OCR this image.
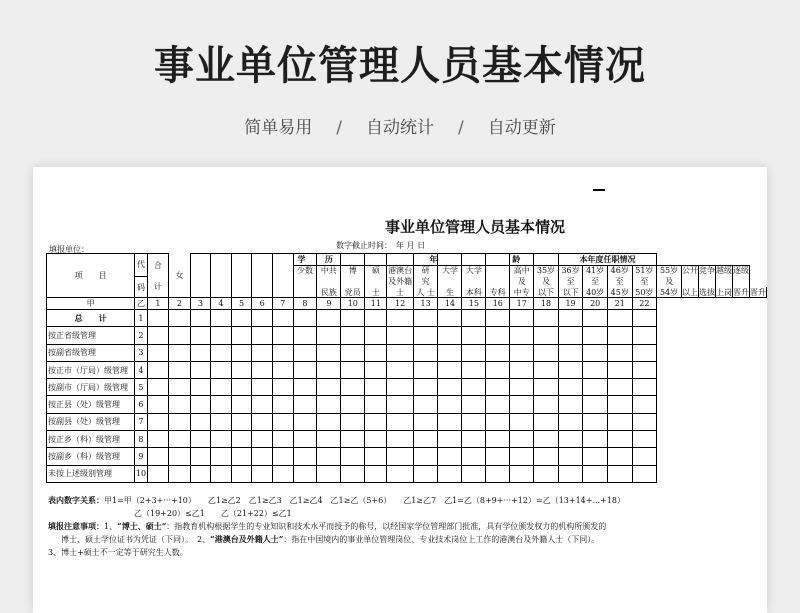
事业单位管理人员基本情况
简单易用 / 自动统计 / 自动更新
事业单位管理人员基本情况
数字截止时间：　年 月 日
填报单位：
项　　目	代	合	女						学	历				年				龄		本年度任职情况									
									少数	中共	博	硕	港澳台	研	大学	大学		高中	35岁	36岁	41岁	46岁	51岁	55岁	公开	竞争	越级	逐级	
	码	计											及外籍	究				及	及	至	至	至	至	及					
										民族	党员	士	士	人 士	生	本科	专科	中专	以下	以下	40岁	45岁	50岁	54岁	以上	选拔	上岗	晋升	晋升
甲	乙	1	2	3	4	5	6	7	8	9	10	11	12	13	14	15	16	17	18	19	20	21	22						
总　　计	1																												
按正省级管理	2																												
按副省级管理	3																												
按正市（厅局）级管理	4																												
按副市（厅局）级管理	5																												
按正县（处）级管理	6																												
按副县（处）级管理	7																												
按正乡（科）级管理	8																												
按副乡（科）级管理	9																												
未按上述级别管理	10																												
表内数字关系：甲1=甲（2+3+···+10）　　乙1≥乙2　乙1≥乙3　乙1≥乙4　乙1≥乙（5+6）　　乙1≥乙7　乙1=乙（8+9+···+12）=乙（13+14+...+18）
乙（19+20）≤乙1　　乙（21+22）≤乙1
填报注意事项：1、“博士、硕士”：指教育机构根据学生的专业知识和技术水平而授予的称号，以经国家学位管理部门批准，具有学位颁发权力的机构所颁发的
博士、硕士学位证书为凭证（下同）。　2、“港澳台及外籍人士”：指在中国境内的事业单位管理岗位、专业技术岗位上工作的港澳台及外籍人士（下同）。
3、博士+硕士不一定等于研究生人数。
